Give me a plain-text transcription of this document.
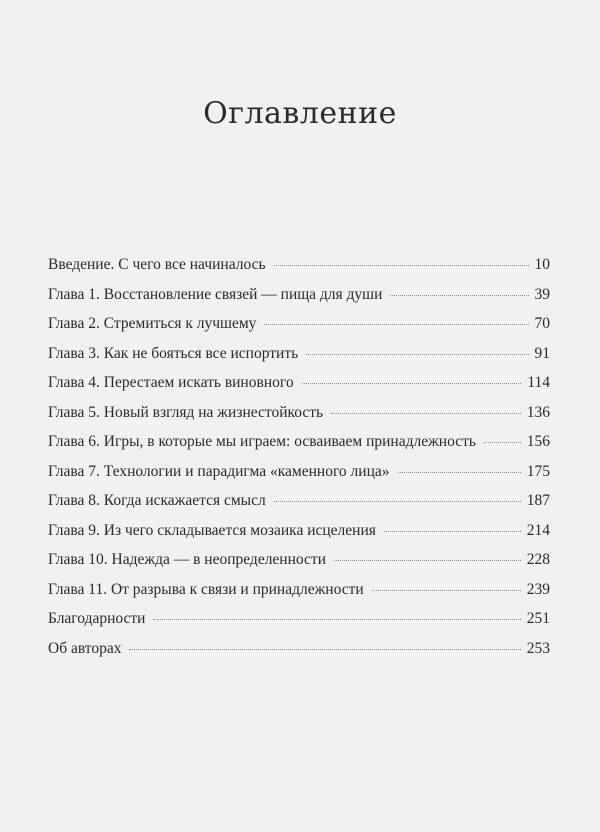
Оглавление
Введение. С чего все начиналось	10
Глава 1. Восстановление связей — пища для души	39
Глава 2. Стремиться к лучшему	70
Глава 3. Как не бояться все испортить	91
Глава 4. Перестаем искать виновного	114
Глава 5. Новый взгляд на жизнестойкость	136
Глава 6. Игры, в которые мы играем: осваиваем принадлежность	156
Глава 7. Технологии и парадигма «каменного лица»	175
Глава 8. Когда искажается смысл	187
Глава 9. Из чего складывается мозаика исцеления	214
Глава 10. Надежда — в неопределенности	228
Глава 11. От разрыва к связи и принадлежности	239
Благодарности	251
Об авторах	253
